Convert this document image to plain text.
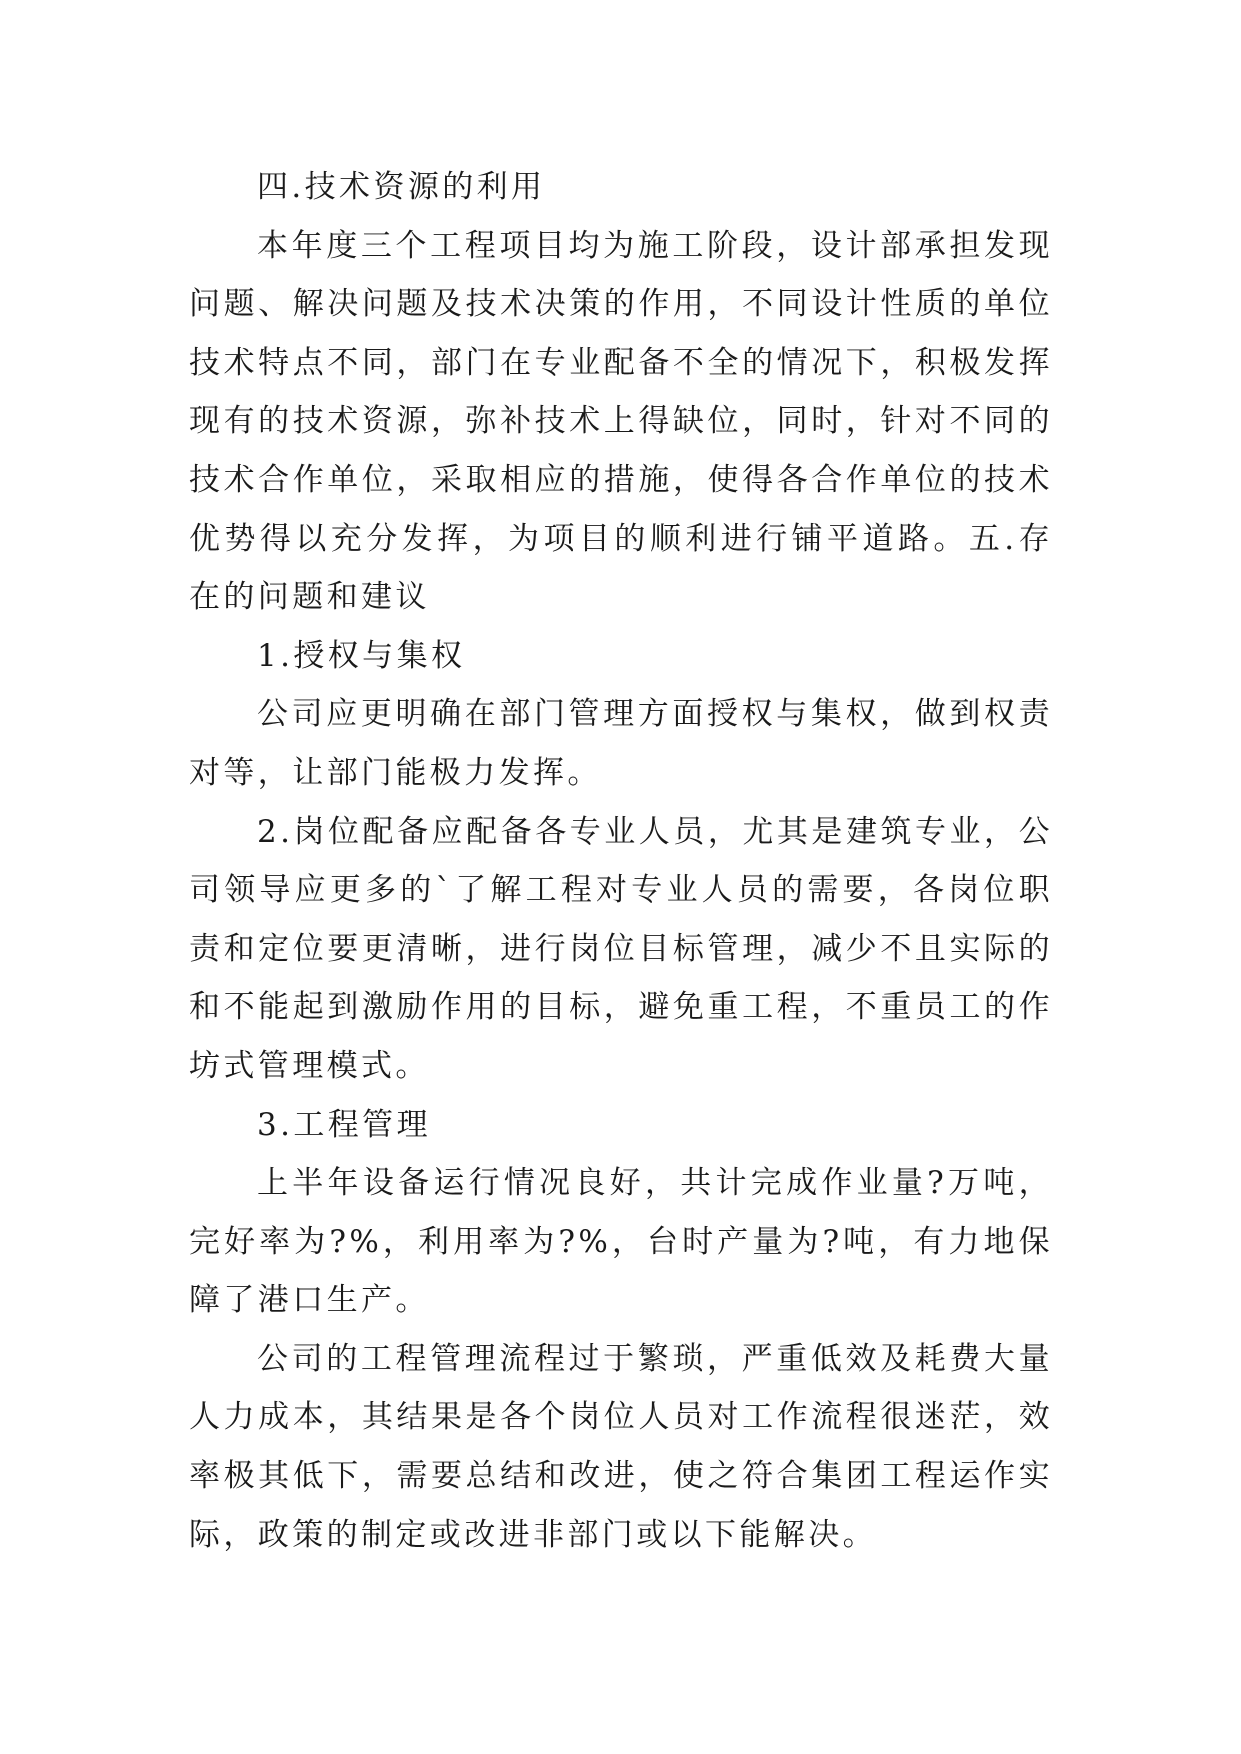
四.技术资源的利用

本年度三个工程项目均为施工阶段，设计部承担发现问题、解决问题及技术决策的作用，不同设计性质的单位技术特点不同，部门在专业配备不全的情况下，积极发挥现有的技术资源，弥补技术上得缺位，同时，针对不同的技术合作单位，采取相应的措施，使得各合作单位的技术优势得以充分发挥，为项目的顺利进行铺平道路。五.存在的问题和建议

1.授权与集权

公司应更明确在部门管理方面授权与集权，做到权责对等，让部门能极力发挥。

2.岗位配备应配备各专业人员，尤其是建筑专业，公司领导应更多的`了解工程对专业人员的需要，各岗位职责和定位要更清晰，进行岗位目标管理，减少不且实际的和不能起到激励作用的目标，避免重工程，不重员工的作坊式管理模式。

3.工程管理

上半年设备运行情况良好，共计完成作业量?万吨，完好率为?%，利用率为?%，台时产量为?吨，有力地保障了港口生产。

公司的工程管理流程过于繁琐，严重低效及耗费大量人力成本，其结果是各个岗位人员对工作流程很迷茫，效率极其低下，需要总结和改进，使之符合集团工程运作实际，政策的制定或改进非部门或以下能解决。
